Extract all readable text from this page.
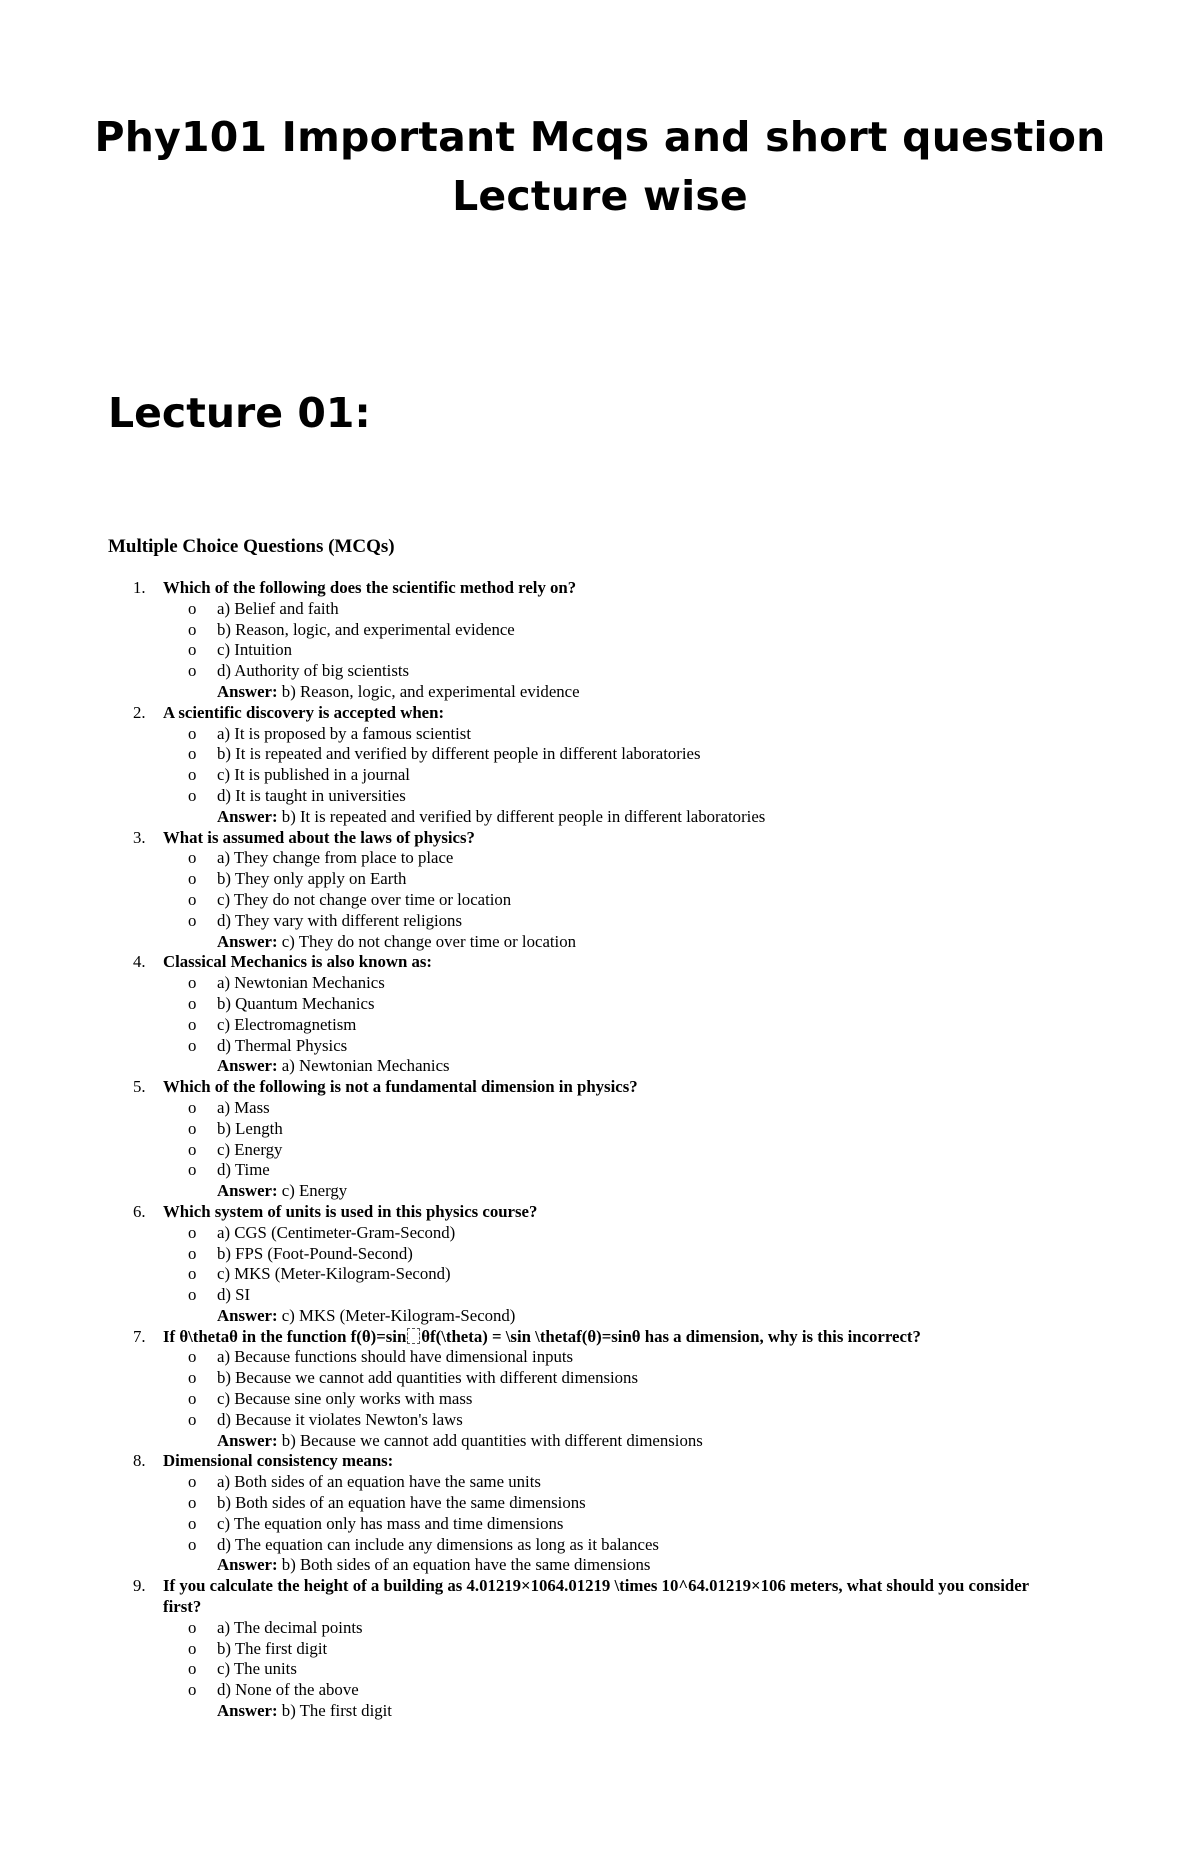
Phy101 Important Mcqs and short question
Lecture wise
Lecture 01:
Multiple Choice Questions (MCQs)
1. Which of the following does the scientific method rely on?
o a) Belief and faith
o b) Reason, logic, and experimental evidence
o c) Intuition
o d) Authority of big scientists
Answer: b) Reason, logic, and experimental evidence
2. A scientific discovery is accepted when:
o a) It is proposed by a famous scientist
o b) It is repeated and verified by different people in different laboratories
o c) It is published in a journal
o d) It is taught in universities
Answer: b) It is repeated and verified by different people in different laboratories
3. What is assumed about the laws of physics?
o a) They change from place to place
o b) They only apply on Earth
o c) They do not change over time or location
o d) They vary with different religions
Answer: c) They do not change over time or location
4. Classical Mechanics is also known as:
o a) Newtonian Mechanics
o b) Quantum Mechanics
o c) Electromagnetism
o d) Thermal Physics
Answer: a) Newtonian Mechanics
5. Which of the following is not a fundamental dimension in physics?
o a) Mass
o b) Length
o c) Energy
o d) Time
Answer: c) Energy
6. Which system of units is used in this physics course?
o a) CGS (Centimeter-Gram-Second)
o b) FPS (Foot-Pound-Second)
o c) MKS (Meter-Kilogram-Second)
o d) SI
Answer: c) MKS (Meter-Kilogram-Second)
7. If θ\thetaθ in the function f(θ)=sin θf(\theta) = \sin \thetaf(θ)=sinθ has a dimension, why is this incorrect?
o a) Because functions should have dimensional inputs
o b) Because we cannot add quantities with different dimensions
o c) Because sine only works with mass
o d) Because it violates Newton's laws
Answer: b) Because we cannot add quantities with different dimensions
8. Dimensional consistency means:
o a) Both sides of an equation have the same units
o b) Both sides of an equation have the same dimensions
o c) The equation only has mass and time dimensions
o d) The equation can include any dimensions as long as it balances
Answer: b) Both sides of an equation have the same dimensions
9. If you calculate the height of a building as 4.01219×1064.01219 \times 10^64.01219×106 meters, what should you consider first?
o a) The decimal points
o b) The first digit
o c) The units
o d) None of the above
Answer: b) The first digit
